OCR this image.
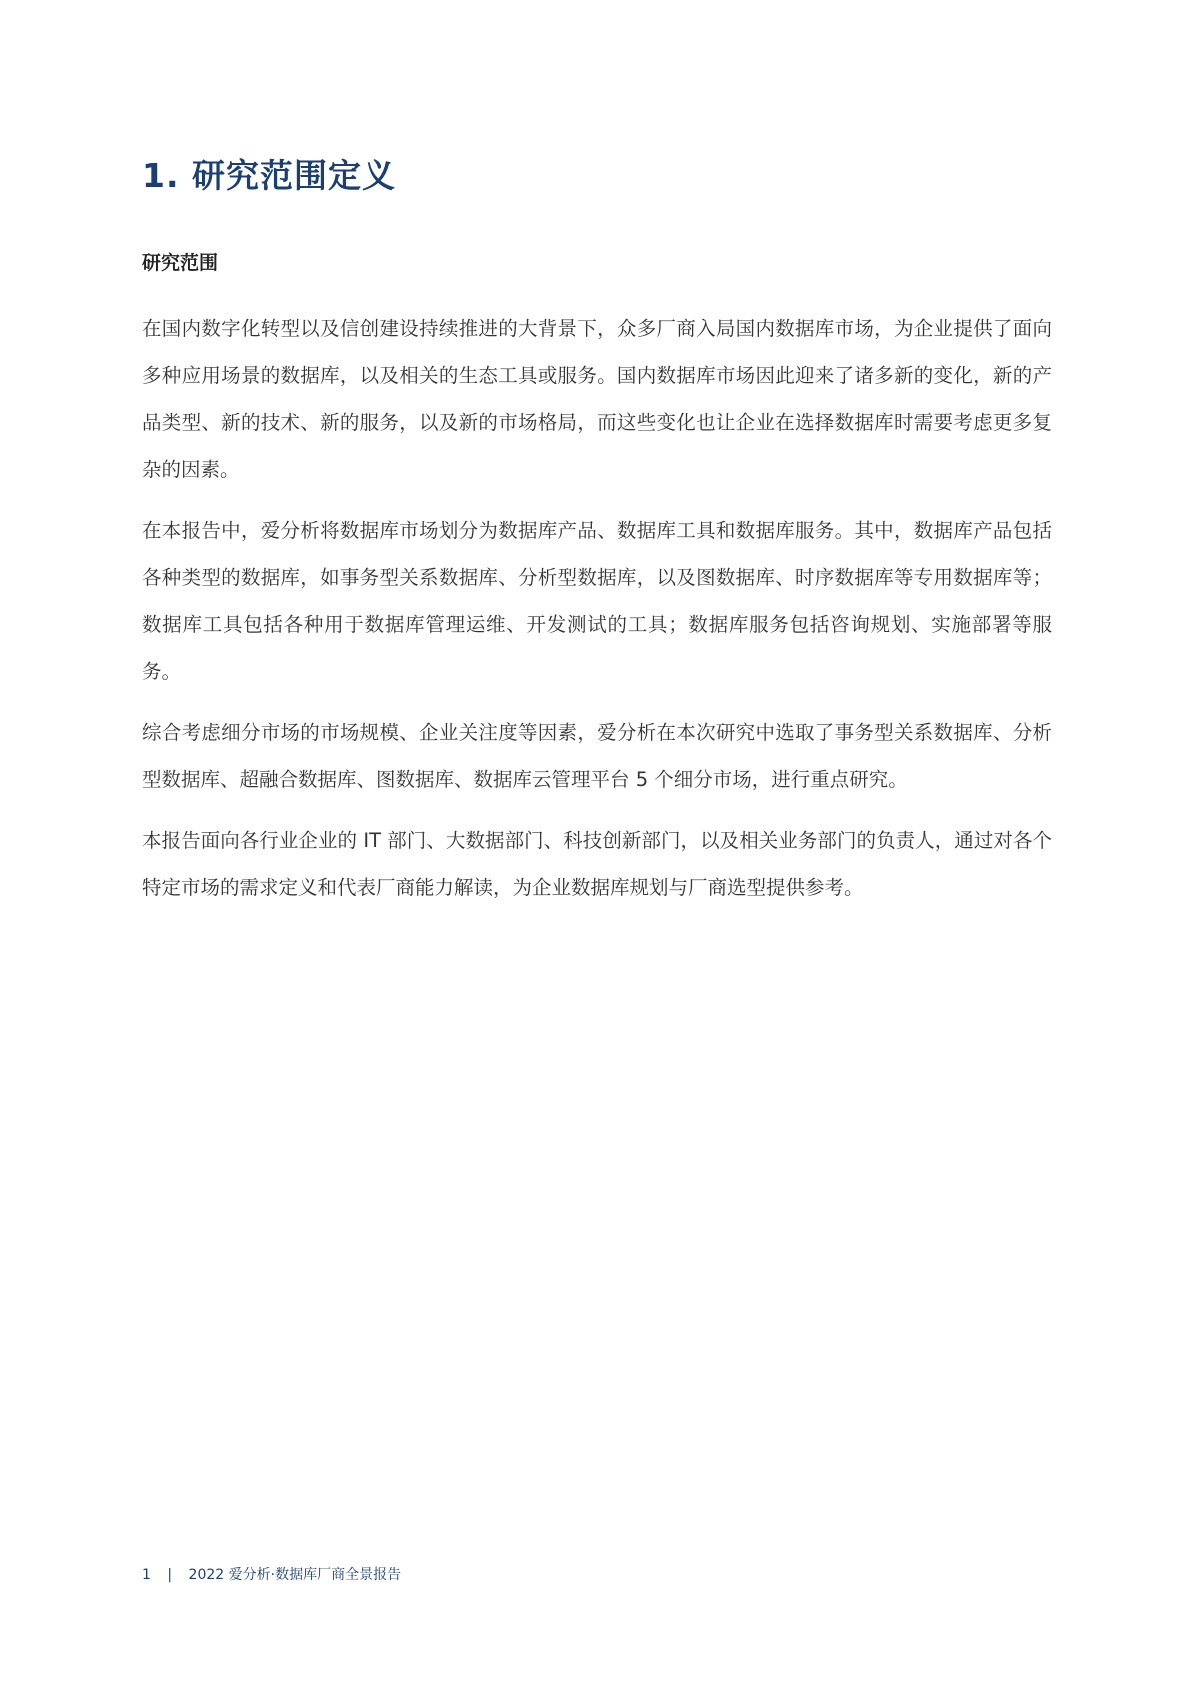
1. 研究范围定义
研究范围

在国内数字化转型以及信创建设持续推进的大背景下，众多厂商入局国内数据库市场，为企业提供了面向多种应用场景的数据库，以及相关的生态工具或服务。国内数据库市场因此迎来了诸多新的变化，新的产品类型、新的技术、新的服务，以及新的市场格局，而这些变化也让企业在选择数据库时需要考虑更多复杂的因素。

在本报告中，爱分析将数据库市场划分为数据库产品、数据库工具和数据库服务。其中，数据库产品包括各种类型的数据库，如事务型关系数据库、分析型数据库，以及图数据库、时序数据库等专用数据库等；数据库工具包括各种用于数据库管理运维、开发测试的工具；数据库服务包括咨询规划、实施部署等服务。

综合考虑细分市场的市场规模、企业关注度等因素，爱分析在本次研究中选取了事务型关系数据库、分析型数据库、超融合数据库、图数据库、数据库云管理平台 5 个细分市场，进行重点研究。

本报告面向各行业企业的 IT 部门、大数据部门、科技创新部门，以及相关业务部门的负责人，通过对各个特定市场的需求定义和代表厂商能力解读，为企业数据库规划与厂商选型提供参考。

1 | 2022 爱分析·数据库厂商全景报告
